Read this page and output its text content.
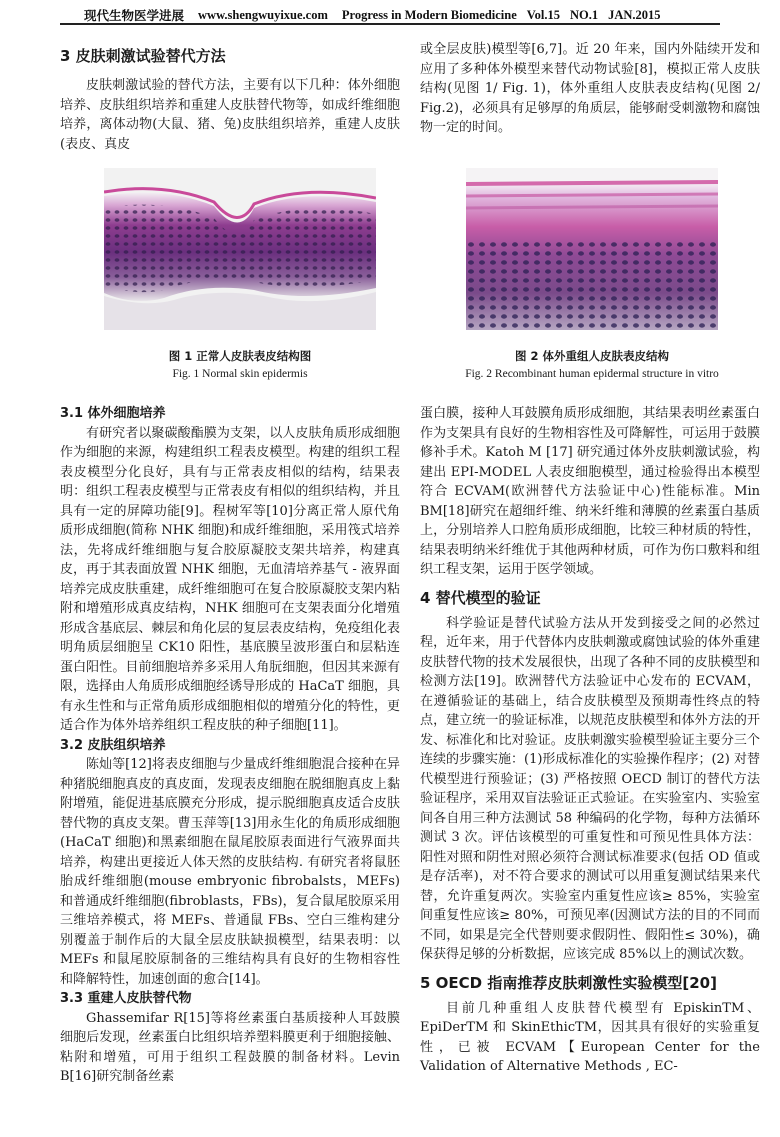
现代生物医学进展 www.shengwuyixue.com Progress in Modern Biomedicine Vol.15 NO.1 JAN.2015
3 皮肤刺激试验替代方法

皮肤刺激试验的替代方法，主要有以下几种：体外细胞培养、皮肤组织培养和重建人皮肤替代物等，如成纤维细胞培养，离体动物(大鼠、猪、兔)皮肤组织培养，重建人皮肤(表皮、真皮

或全层皮肤)模型等[6,7]。近 20 年来，国内外陆续开发和应用了多种体外模型来替代动物试验[8]，模拟正常人皮肤结构(见图 1/ Fig. 1)，体外重组人皮肤表皮结构(见图 2/ Fig.2)，必须具有足够厚的角质层，能够耐受刺激物和腐蚀物一定的时间。

图 1 正常人皮肤表皮结构图
Fig. 1 Normal skin epidermis
图 2 体外重组人皮肤表皮结构
Fig. 2 Recombinant human epidermal structure in vitro
3.1 体外细胞培养

有研究者以聚碳酸酯膜为支架，以人皮肤角质形成细胞作为细胞的来源，构建组织工程表皮模型。构建的组织工程表皮模型分化良好，具有与正常表皮相似的结构，结果表明：组织工程表皮模型与正常表皮有相似的组织结构，并且具有一定的屏障功能[9]。程树军等[10]分离正常人原代角质形成细胞(简称 NHK 细胞)和成纤维细胞，采用筏式培养法，先将成纤维细胞与复合胶原凝胶支架共培养，构建真皮，再于其表面放置 NHK 细胞，无血清培养基气 - 液界面培养完成皮肤重建，成纤维细胞可在复合胶原凝胶支架内粘附和增殖形成真皮结构，NHK 细胞可在支架表面分化增殖形成含基底层、棘层和角化层的复层表皮结构，免疫组化表明角质层细胞呈 CK10 阳性，基底膜呈波形蛋白和层粘连蛋白阳性。目前细胞培养多采用人角朊细胞，但因其来源有限，选择由人角质形成细胞经诱导形成的 HaCaT 细胞，具有永生性和与正常角质形成细胞相似的增殖分化的特性，更适合作为体外培养组织工程皮肤的种子细胞[11]。

3.2 皮肤组织培养

陈灿等[12]将表皮细胞与少量成纤维细胞混合接种在异种猪脱细胞真皮的真皮面，发现表皮细胞在脱细胞真皮上黏附增殖，能促进基底膜充分形成，提示脱细胞真皮适合皮肤替代物的真皮支架。曹玉萍等[13]用永生化的角质形成细胞(HaCaT 细胞)和黑素细胞在鼠尾胶原表面进行气液界面共培养，构建出更接近人体天然的皮肤结构. 有研究者将鼠胚胎成纤维细胞(mouse embryonic fibrobalsts，MEFs)和普通成纤维细胞(fibroblasts，FBs)，复合鼠尾胶原采用三维培养模式，将 MEFs、普通鼠 FBs、空白三维构建分别覆盖于制作后的大鼠全层皮肤缺损模型，结果表明：以 MEFs 和鼠尾胶原制备的三维结构具有良好的生物相容性和降解特性，加速创面的愈合[14]。

3.3 重建人皮肤替代物

Ghassemifar R[15]等将丝素蛋白基质接种人耳鼓膜细胞后发现，丝素蛋白比组织培养塑料膜更利于细胞接触、粘附和增殖，可用于组织工程鼓膜的制备材料。Levin B[16]研究制备丝素

蛋白膜，接种人耳鼓膜角质形成细胞，其结果表明丝素蛋白作为支架具有良好的生物相容性及可降解性，可运用于鼓膜修补手术。Katoh M [17] 研究通过体外皮肤刺激试验，构建出 EPI-MODEL 人表皮细胞模型，通过检验得出本模型符合 ECVAM(欧洲替代方法验证中心)性能标准。Min BM[18]研究在超细纤维、纳米纤维和薄膜的丝素蛋白基质上，分别培养人口腔角质形成细胞，比较三种材质的特性，结果表明纳米纤维优于其他两种材质，可作为伤口敷料和组织工程支架，运用于医学领域。

4 替代模型的验证

科学验证是替代试验方法从开发到接受之间的必然过程，近年来，用于代替体内皮肤刺激或腐蚀试验的体外重建皮肤替代物的技术发展很快，出现了各种不同的皮肤模型和检测方法[19]。欧洲替代方法验证中心发布的 ECVAM，在遵循验证的基础上，结合皮肤模型及预期毒性终点的特点，建立统一的验证标准，以规范皮肤模型和体外方法的开发、标准化和比对验证。皮肤刺激实验模型验证主要分三个连续的步骤实施：(1)形成标准化的实验操作程序；(2) 对替代模型进行预验证；(3) 严格按照 OECD 制订的替代方法验证程序，采用双盲法验证正式验证。在实验室内、实验室间各自用三种方法测试 58 种编码的化学物，每种方法循环测试 3 次。评估该模型的可重复性和可预见性具体方法：阳性对照和阴性对照必须符合测试标准要求(包括 OD 值或是存活率)，对不符合要求的测试可以用重复测试结果来代替，允许重复两次。实验室内重复性应该≥ 85%，实验室间重复性应该≥ 80%，可预见率(因测试方法的目的不同而不同，如果是完全代替则要求假阴性、假阳性≤ 30%)，确保获得足够的分析数据，应该完成 85%以上的测试次数。

5 OECD 指南推荐皮肤刺激性实验模型[20]

目前几种重组人皮肤替代模型有 EpiskinTM、EpiDerTM 和 SkinEthicTM，因其具有很好的实验重复性，已被 ECVAM【European Center for the Validation of Alternative Methods , EC-
